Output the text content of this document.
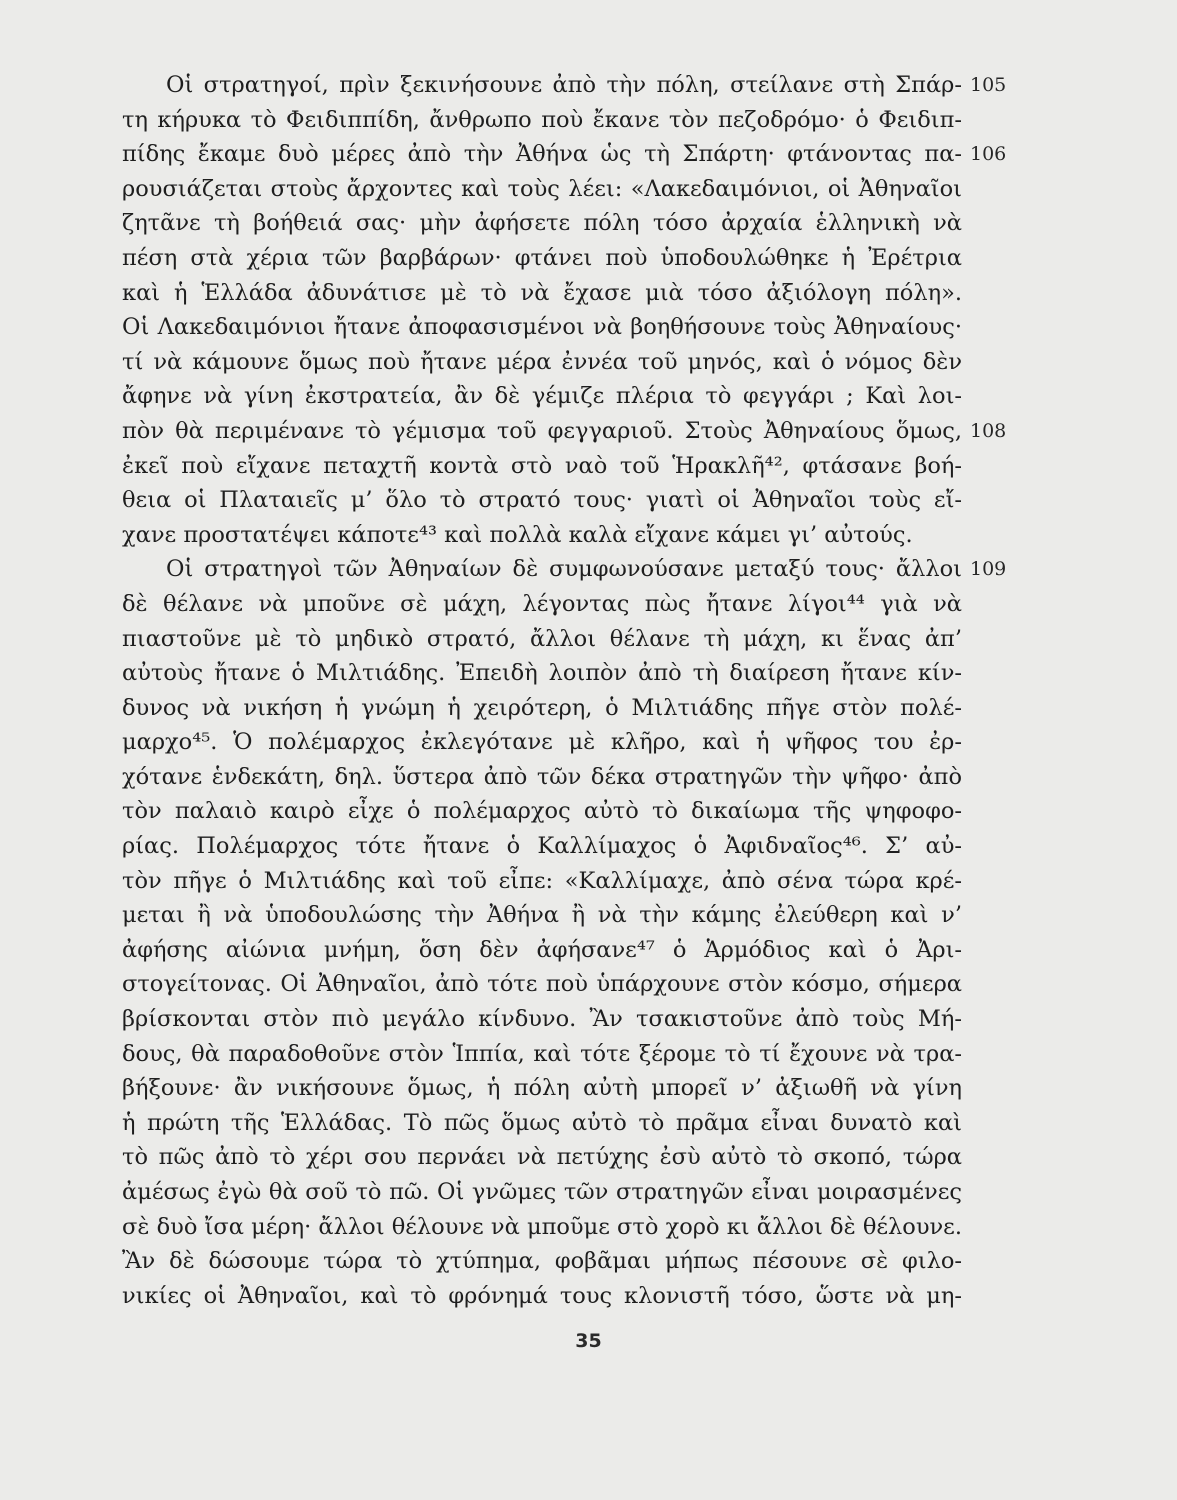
Οἱ στρατηγοί, πρὶν ξεκινήσουνε ἀπὸ τὴν πόλη, στείλανε στὴ Σπάρ- 105
τη κήρυκα τὸ Φειδιππίδη, ἄνθρωπο ποὺ ἔκανε τὸν πεζοδρόμο· ὁ Φειδιπ-
πίδης ἔκαμε δυὸ μέρες ἀπὸ τὴν Ἀθήνα ὡς τὴ Σπάρτη· φτάνοντας πα- 106
ρουσιάζεται στοὺς ἄρχοντες καὶ τοὺς λέει: «Λακεδαιμόνιοι, οἱ Ἀθηναῖοι
ζητᾶνε τὴ βοήθειά σας· μὴν ἀφήσετε πόλη τόσο ἀρχαία ἑλληνικὴ νὰ
πέση στὰ χέρια τῶν βαρβάρων· φτάνει ποὺ ὑποδουλώθηκε ἡ Ἐρέτρια
καὶ ἡ Ἑλλάδα ἀδυνάτισε μὲ τὸ νὰ ἔχασε μιὰ τόσο ἀξιόλογη πόλη».
Οἱ Λακεδαιμόνιοι ἤτανε ἀποφασισμένοι νὰ βοηθήσουνε τοὺς Ἀθηναίους·
τί νὰ κάμουνε ὅμως ποὺ ἤτανε μέρα ἐννέα τοῦ μηνός, καὶ ὁ νόμος δὲν
ἄφηνε νὰ γίνη ἐκστρατεία, ἂν δὲ γέμιζε πλέρια τὸ φεγγάρι ; Καὶ λοι-
πὸν θὰ περιμένανε τὸ γέμισμα τοῦ φεγγαριοῦ. Στοὺς Ἀθηναίους ὅμως, 108
ἐκεῖ ποὺ εἴχανε πεταχτῆ κοντὰ στὸ ναὸ τοῦ Ἡρακλῆ⁴², φτάσανε βοή-
θεια οἱ Πλαταιεῖς μ’ ὅλο τὸ στρατό τους· γιατὶ οἱ Ἀθηναῖοι τοὺς εἴ-
χανε προστατέψει κάποτε⁴³ καὶ πολλὰ καλὰ εἴχανε κάμει γι’ αὐτούς.
Οἱ στρατηγοὶ τῶν Ἀθηναίων δὲ συμφωνούσανε μεταξύ τους· ἄλλοι 109
δὲ θέλανε νὰ μποῦνε σὲ μάχη, λέγοντας πὼς ἤτανε λίγοι⁴⁴ γιὰ νὰ
πιαστοῦνε μὲ τὸ μηδικὸ στρατό, ἄλλοι θέλανε τὴ μάχη, κι ἕνας ἀπ’
αὐτοὺς ἤτανε ὁ Μιλτιάδης. Ἐπειδὴ λοιπὸν ἀπὸ τὴ διαίρεση ἤτανε κίν-
δυνος νὰ νικήση ἡ γνώμη ἡ χειρότερη, ὁ Μιλτιάδης πῆγε στὸν πολέ-
μαρχο⁴⁵. Ὁ πολέμαρχος ἐκλεγότανε μὲ κλῆρο, καὶ ἡ ψῆφος του ἐρ-
χότανε ἑνδεκάτη, δηλ. ὕστερα ἀπὸ τῶν δέκα στρατηγῶν τὴν ψῆφο· ἀπὸ
τὸν παλαιὸ καιρὸ εἶχε ὁ πολέμαρχος αὐτὸ τὸ δικαίωμα τῆς ψηφοφο-
ρίας. Πολέμαρχος τότε ἤτανε ὁ Καλλίμαχος ὁ Ἀφιδναῖος⁴⁶. Σ’ αὐ-
τὸν πῆγε ὁ Μιλτιάδης καὶ τοῦ εἶπε: «Καλλίμαχε, ἀπὸ σένα τώρα κρέ-
μεται ἢ νὰ ὑποδουλώσης τὴν Ἀθήνα ἢ νὰ τὴν κάμης ἐλεύθερη καὶ ν’
ἀφήσης αἰώνια μνήμη, ὅση δὲν ἀφήσανε⁴⁷ ὁ Ἁρμόδιος καὶ ὁ Ἀρι-
στογείτονας. Οἱ Ἀθηναῖοι, ἀπὸ τότε ποὺ ὑπάρχουνε στὸν κόσμο, σήμερα
βρίσκονται στὸν πιὸ μεγάλο κίνδυνο. Ἂν τσακιστοῦνε ἀπὸ τοὺς Μή-
δους, θὰ παραδοθοῦνε στὸν Ἱππία, καὶ τότε ξέρομε τὸ τί ἔχουνε νὰ τρα-
βήξουνε· ἂν νικήσουνε ὅμως, ἡ πόλη αὐτὴ μπορεῖ ν’ ἀξιωθῆ νὰ γίνη
ἡ πρώτη τῆς Ἑλλάδας. Τὸ πῶς ὅμως αὐτὸ τὸ πρᾶμα εἶναι δυνατὸ καὶ
τὸ πῶς ἀπὸ τὸ χέρι σου περνάει νὰ πετύχης ἐσὺ αὐτὸ τὸ σκοπό, τώρα
ἀμέσως ἐγὼ θὰ σοῦ τὸ πῶ. Οἱ γνῶμες τῶν στρατηγῶν εἶναι μοιρασμένες
σὲ δυὸ ἴσα μέρη· ἄλλοι θέλουνε νὰ μποῦμε στὸ χορὸ κι ἄλλοι δὲ θέλουνε.
Ἂν δὲ δώσουμε τώρα τὸ χτύπημα, φοβᾶμαι μήπως πέσουνε σὲ φιλο-
νικίες οἱ Ἀθηναῖοι, καὶ τὸ φρόνημά τους κλονιστῆ τόσο, ὥστε νὰ μη-
35
